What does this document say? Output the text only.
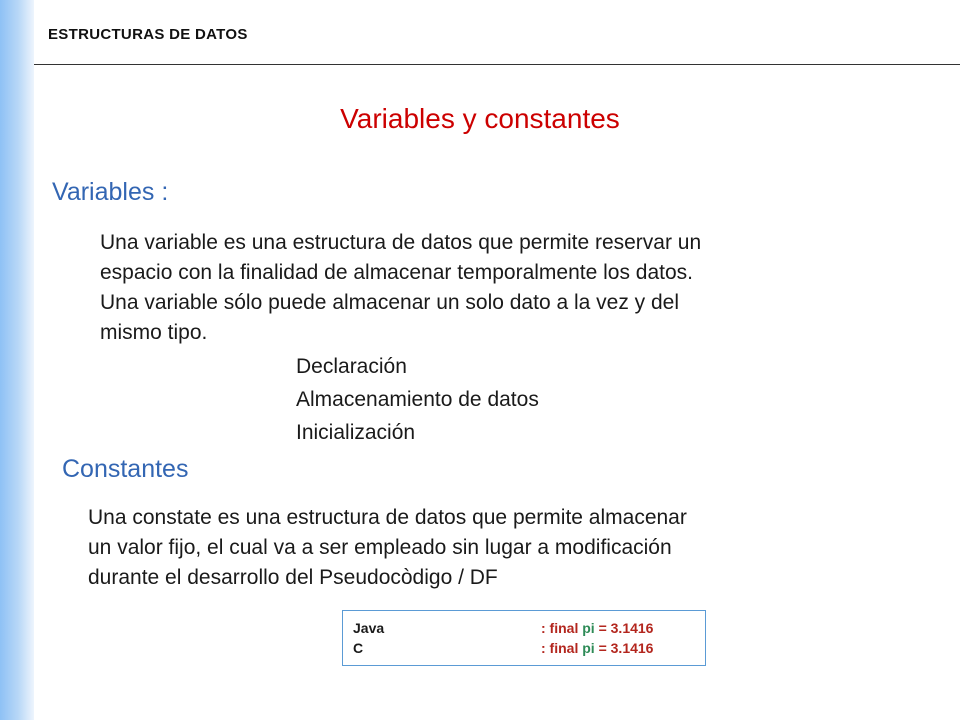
ESTRUCTURAS DE DATOS
Variables y constantes
Variables :
Una variable es una estructura de datos que permite reservar un
espacio con la finalidad de almacenar temporalmente los datos.
Una variable sólo puede almacenar un solo dato a la vez y del
mismo tipo.
Declaración
Almacenamiento de datos
Inicialización
Constantes
Una constate es una estructura de datos que permite almacenar
un valor fijo, el cual va a ser empleado sin lugar a modificación
durante el desarrollo del Pseudocòdigo / DF
Java	: final pi = 3.1416
C	: final pi = 3.1416
